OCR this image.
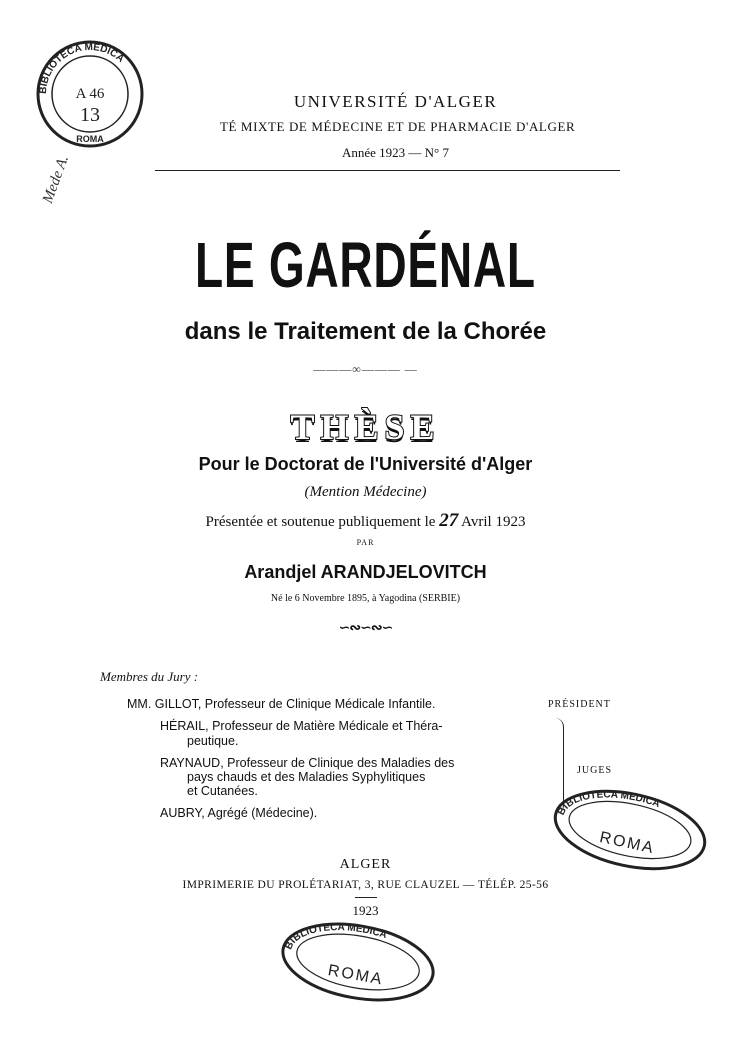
Mede A.
BIBLIOTECA MEDICA
ROMA
A 46
13
UNIVERSITÉ D'ALGER
TÉ MIXTE DE MÉDECINE ET DE PHARMACIE D'ALGER
Année 1923 — N° 7
LE GARDÉNAL
dans le Traitement de la Chorée
———∞——— —
THÈSE
Pour le Doctorat de l'Université d'Alger
(Mention Médecine)
Présentée et soutenue publiquement le 27 Avril 1923
PAR
Arandjel ARANDJELOVITCH
Né le 6 Novembre 1895, à Yagodina (SERBIE)
∽∾∽∾∽
Membres du Jury :
MM. GILLOT, Professeur de Clinique Médicale Infantile.	PRÉSIDENT
HÉRAIL, Professeur de Matière Médicale et Théra-
peutique.
RAYNAUD, Professeur de Clinique des Maladies des
pays chauds et des Maladies Syphylitiques
et Cutanées.
JUGES
AUBRY, Agrégé (Médecine).	BIBLIOTECA MEDICA
ROMA
ALGER
IMPRIMERIE DU PROLÉTARIAT, 3, RUE CLAUZEL — TÉLÉP. 25-56
1923
BIBLIOTECA MEDICA
ROMA
